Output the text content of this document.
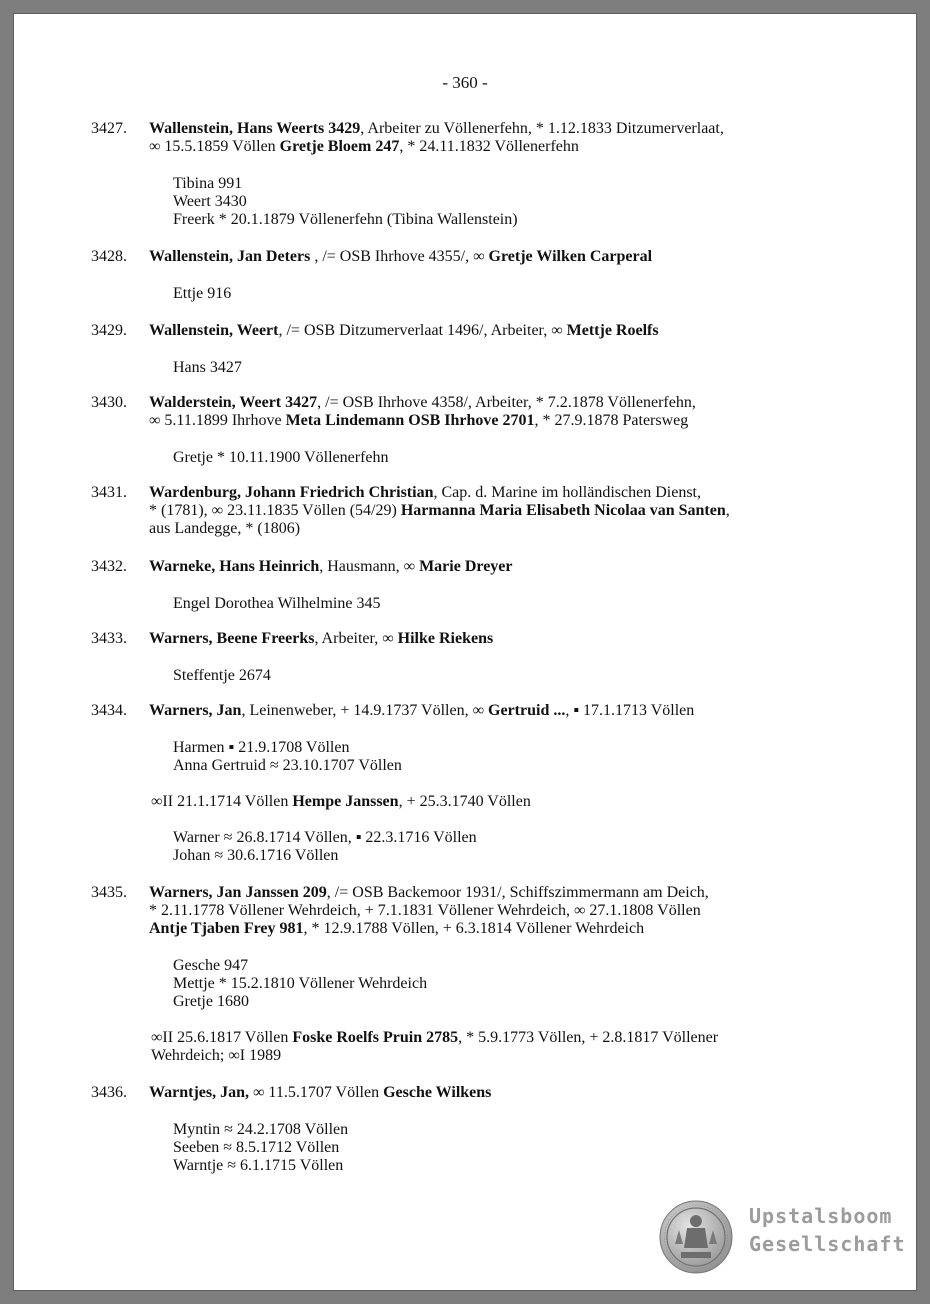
- 360 -
3427.	Wallenstein, Hans Weerts 3429, Arbeiter zu Völlenerfehn, * 1.12.1833 Ditzumerverlaat,
∞ 15.5.1859 Völlen Gretje Bloem 247, * 24.11.1832 Völlenerfehn
Tibina 991
Weert 3430
Freerk * 20.1.1879 Völlenerfehn (Tibina Wallenstein)
3428.	Wallenstein, Jan Deters , /= OSB Ihrhove 4355/, ∞ Gretje Wilken Carperal
Ettje 916
3429.	Wallenstein, Weert, /= OSB Ditzumerverlaat 1496/, Arbeiter, ∞ Mettje Roelfs
Hans 3427
3430.	Walderstein, Weert 3427, /= OSB Ihrhove 4358/, Arbeiter, * 7.2.1878 Völlenerfehn,
∞ 5.11.1899 Ihrhove Meta Lindemann OSB Ihrhove 2701, * 27.9.1878 Patersweg
Gretje * 10.11.1900 Völlenerfehn
3431.	Wardenburg, Johann Friedrich Christian, Cap. d. Marine im holländischen Dienst,
* (1781), ∞ 23.11.1835 Völlen (54/29) Harmanna Maria Elisabeth Nicolaa van Santen,
aus Landegge, * (1806)
3432.	Warneke, Hans Heinrich, Hausmann, ∞ Marie Dreyer
Engel Dorothea Wilhelmine 345
3433.	Warners, Beene Freerks, Arbeiter, ∞ Hilke Riekens
Steffentje 2674
3434.	Warners, Jan, Leinenweber, + 14.9.1737 Völlen, ∞ Gertruid ..., ▪ 17.1.1713 Völlen
Harmen ▪ 21.9.1708 Völlen
Anna Gertruid ≈ 23.10.1707 Völlen
∞II 21.1.1714 Völlen Hempe Janssen, + 25.3.1740 Völlen
Warner ≈ 26.8.1714 Völlen, ▪ 22.3.1716 Völlen
Johan ≈ 30.6.1716 Völlen
3435.	Warners, Jan Janssen 209, /= OSB Backemoor 1931/, Schiffszimmermann am Deich,
* 2.11.1778 Völlener Wehrdeich, + 7.1.1831 Völlener Wehrdeich, ∞ 27.1.1808 Völlen
Antje Tjaben Frey 981, * 12.9.1788 Völlen, + 6.3.1814 Völlener Wehrdeich
Gesche 947
Mettje * 15.2.1810 Völlener Wehrdeich
Gretje 1680
∞II 25.6.1817 Völlen Foske Roelfs Pruin 2785, * 5.9.1773 Völlen, + 2.8.1817 Völlener
Wehrdeich; ∞I 1989
3436.	Warntjes, Jan, ∞ 11.5.1707 Völlen Gesche Wilkens
Myntin ≈ 24.2.1708 Völlen
Seeben ≈ 8.5.1712 Völlen
Warntje ≈ 6.1.1715 Völlen
Upstalsboom
Gesellschaft
